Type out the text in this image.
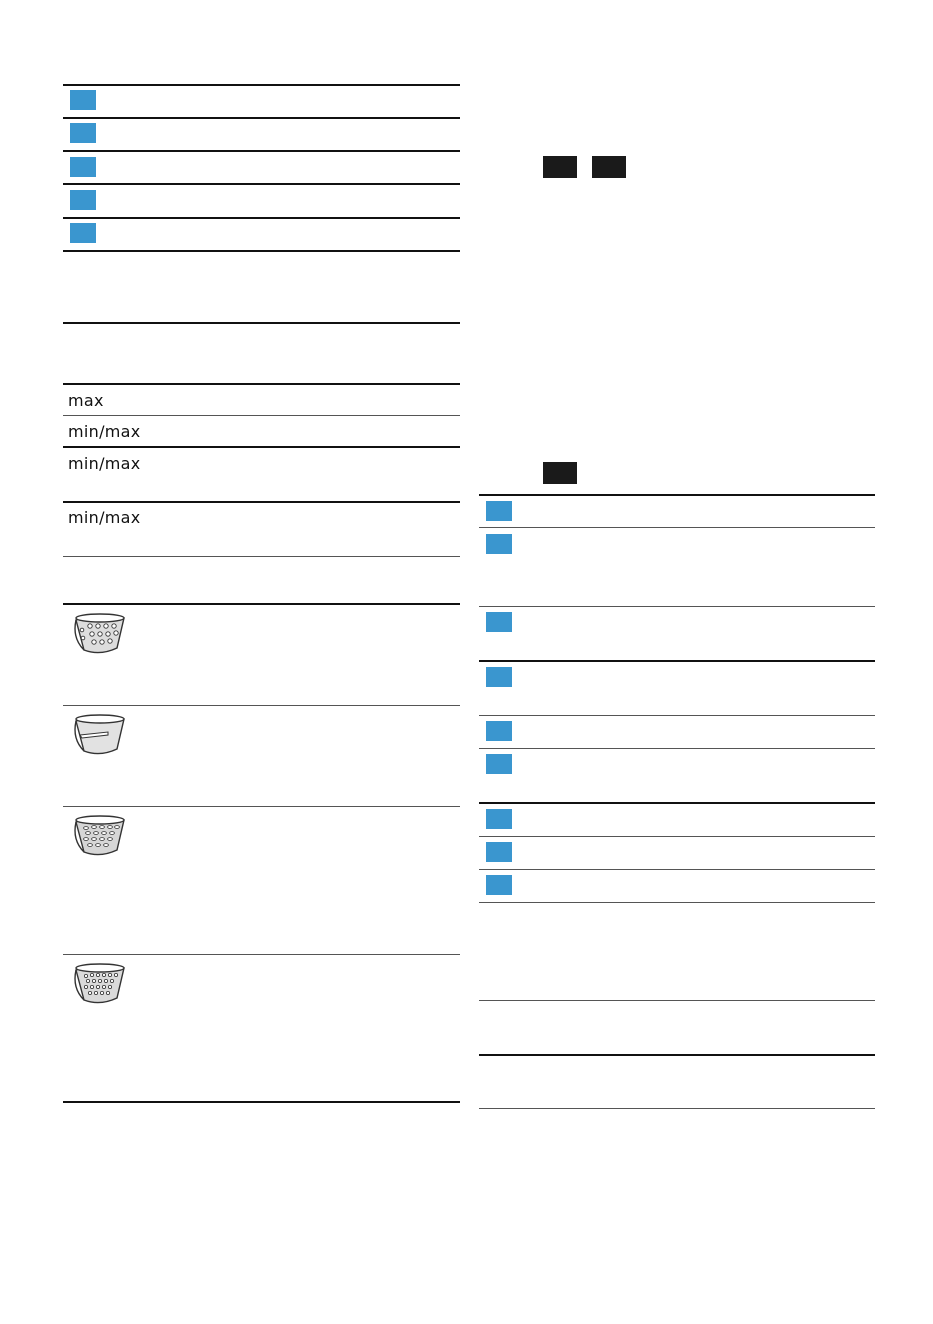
max
min/max
min/max
min/max
